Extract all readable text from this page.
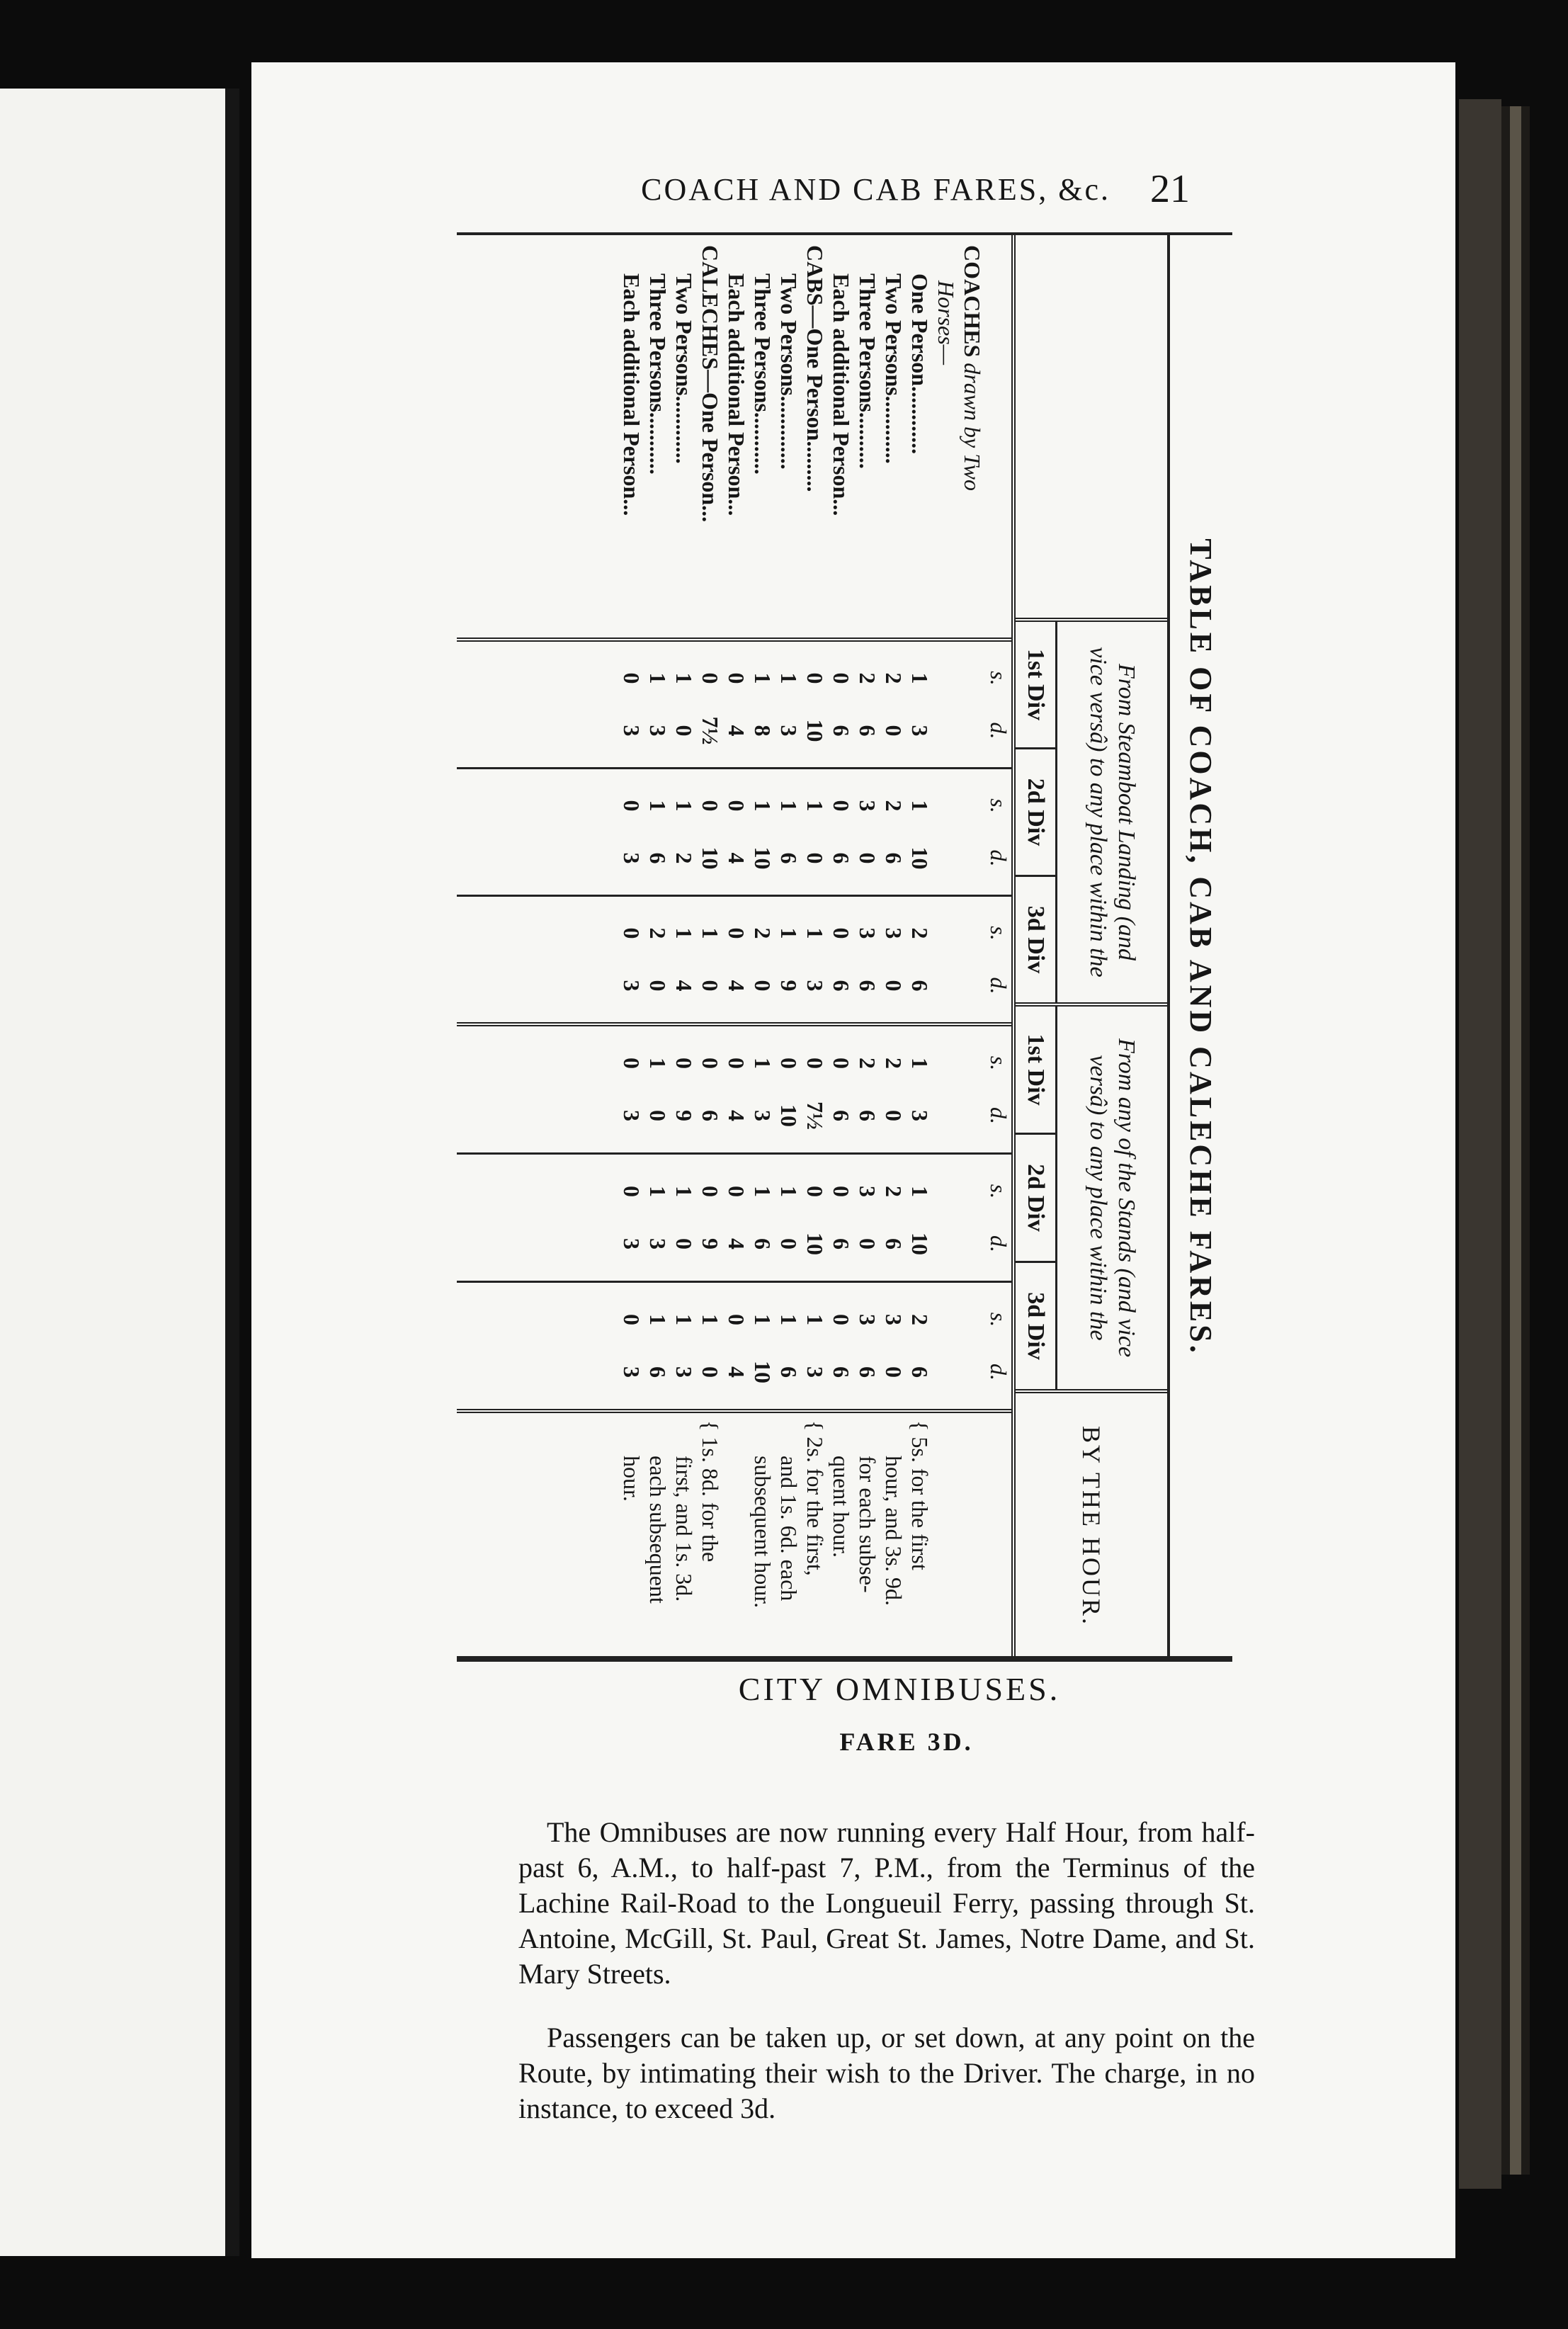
COACH AND CAB FARES, &c. 21
TABLE OF COACH, CAB AND CALECHE FARES.
From Steamboat Landing (and vice versâ) to any place within the
1st Div
2d Div
3d Div
From any of the Stands (and vice versâ) to any place within the
1st Div
2d Div
3d Div
BY THE HOUR.
COACHES drawn by Two
Horses—
One Person............
Two Persons............
Three Persons..........
Each additional Person...
CABS—One Person.........
Two Persons.............
Three Persons...........
Each additional Person...
CALECHES—One Person...
Two Persons............
Three Persons...........
Each additional Person...
s.
d.
1
3
2
0
2
6
0
6
0
10
1
3
1
8
0
4
0
7½
1
0
1
3
0
3
s.
d.
1
10
2
6
3
0
0
6
1
0
1
6
1
10
0
4
0
10
1
2
1
6
0
3
s.
d.
2
6
3
0
3
6
0
6
1
3
1
9
2
0
0
4
1
0
1
4
2
0
0
3
s.
d.
1
3
2
0
2
6
0
6
0
7½
0
10
1
3
0
4
0
6
0
9
1
0
0
3
s.
d.
1
10
2
6
3
0
0
6
0
10
1
0
1
6
0
4
0
9
1
0
1
3
0
3
s.
d.
2
6
3
0
3
6
0
6
1
3
1
6
1
10
0
4
1
0
1
3
1
6
0
3
{ 5s. for the first
hour, and 3s. 9d.
for each subse-
quent hour.
{ 2s. for the first,
and 1s. 6d. each
subsequent hour.
{ 1s. 8d. for the
first, and 1s. 3d.
each subsequent
hour.
CITY OMNIBUSES.
FARE 3D.

The Omnibuses are now running every Half Hour, from half-past 6, A.M., to half-past 7, P.M., from the Terminus of the Lachine Rail-Road to the Longueuil Ferry, passing through St. Antoine, McGill, St. Paul, Great St. James, Notre Dame, and St. Mary Streets.

Passengers can be taken up, or set down, at any point on the Route, by intimating their wish to the Driver. The charge, in no instance, to exceed 3d.
